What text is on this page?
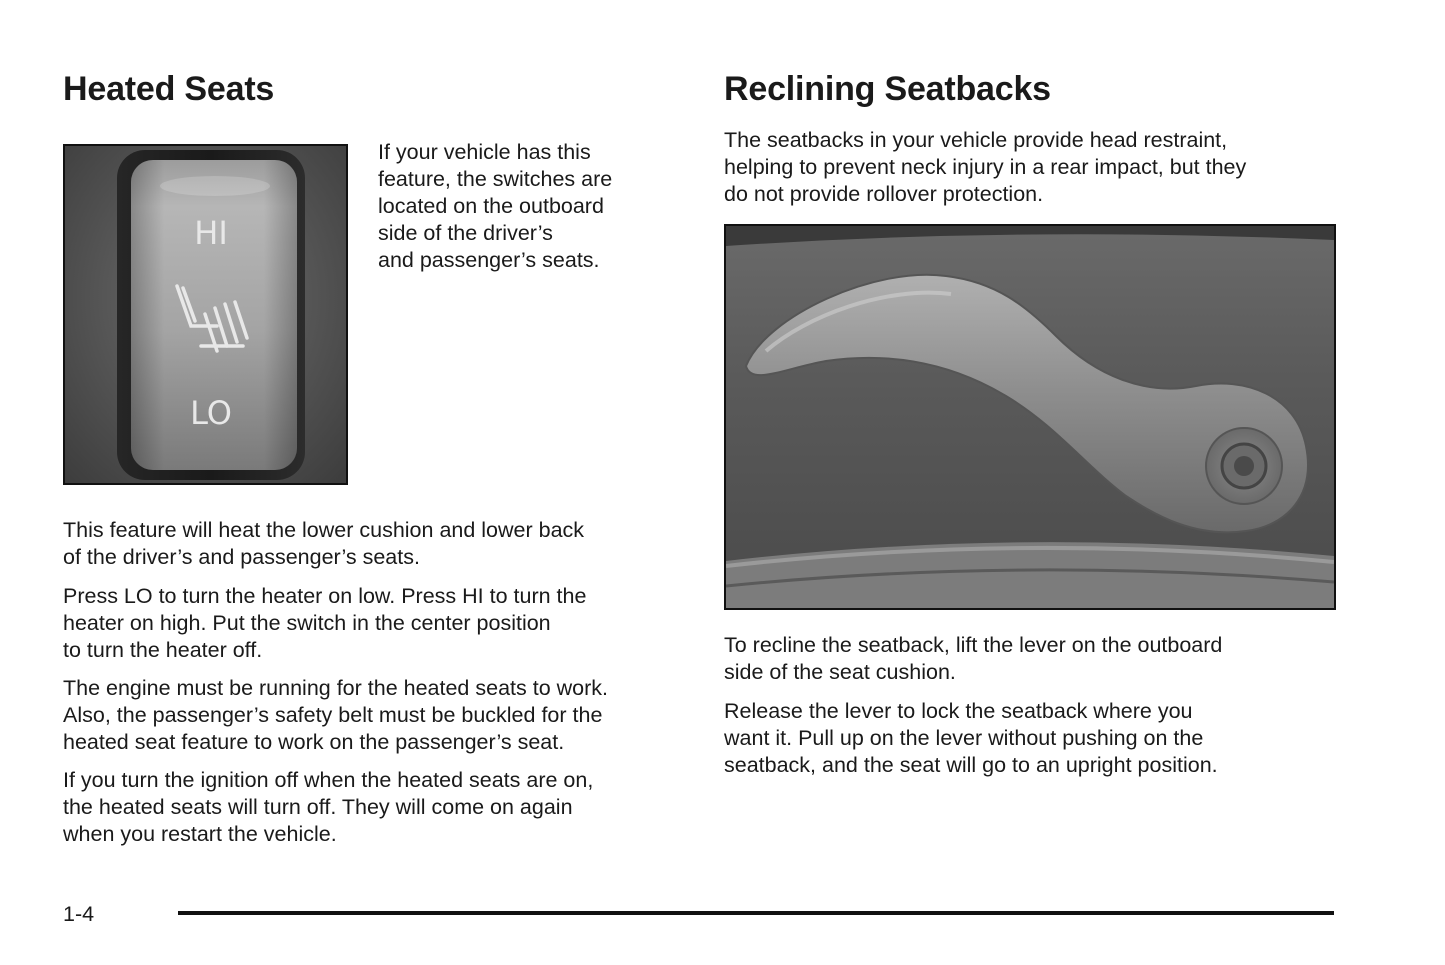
Heated Seats
HI
LO
If your vehicle has this
feature, the switches are
located on the outboard
side of the driver’s
and passenger’s seats.
This feature will heat the lower cushion and lower back
of the driver’s and passenger’s seats.
Press LO to turn the heater on low. Press HI to turn the
heater on high. Put the switch in the center position
to turn the heater off.
The engine must be running for the heated seats to work.
Also, the passenger’s safety belt must be buckled for the
heated seat feature to work on the passenger’s seat.
If you turn the ignition off when the heated seats are on,
the heated seats will turn off. They will come on again
when you restart the vehicle.
Reclining Seatbacks
The seatbacks in your vehicle provide head restraint,
helping to prevent neck injury in a rear impact, but they
do not provide rollover protection.
To recline the seatback, lift the lever on the outboard
side of the seat cushion.
Release the lever to lock the seatback where you
want it. Pull up on the lever without pushing on the
seatback, and the seat will go to an upright position.
1-4
